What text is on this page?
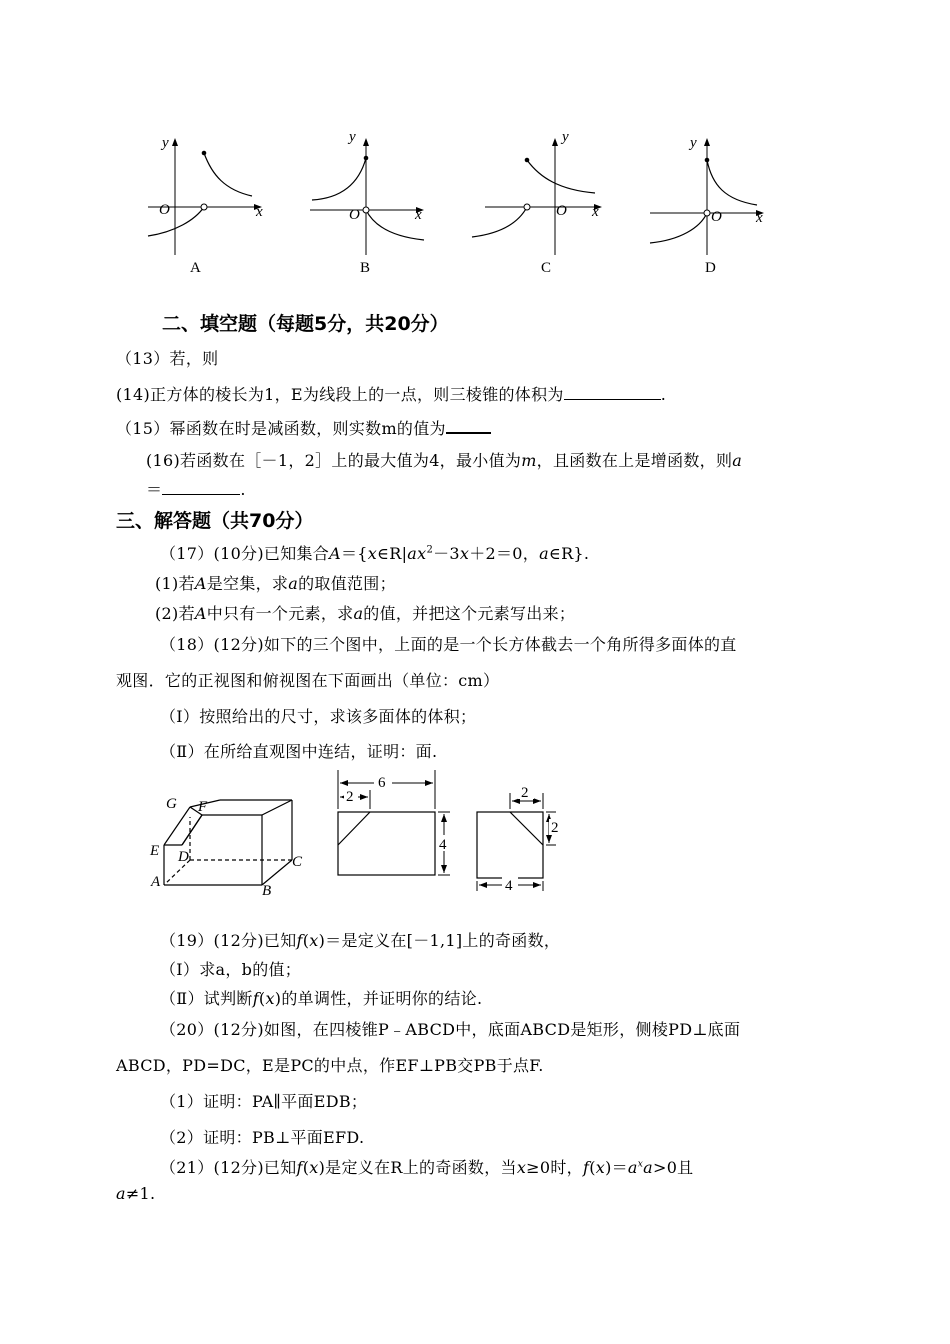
y
x
O
y
x
O
y
x
O
y
x
O
A	B	C	D
二、填空题（每题5分，共20分）
（13）若，则
(14)正方体的棱长为1，E为线段上的一点，则三棱锥的体积为	.
（15）幂函数在时是减函数，则实数m的值为
(16)若函数在［－1，2］上的最大值为4，最小值为m，且函数在上是增函数，则a
＝	.
三、解答题（共70分）
（17）(10分)已知集合$A=\{x\in R|ax^2-3x+2=0$，a∈R}.
(1)若A是空集，求a的取值范围；
(2)若A中只有一个元素，求a的值，并把这个元素写出来；
（18）(12分)如下的三个图中，上面的是一个长方体截去一个角所得多面体的直
观图．它的正视图和俯视图在下面画出（单位：cm）
（Ⅰ）按照给出的尺寸，求该多面体的体积；
（Ⅱ）在所给直观图中连结，证明：面.
G F
E D	C
A
B
6
2
4
2
2
4
（19）(12分)已知f(x)＝是定义在[－1,1]上的奇函数，
（Ⅰ）求a，b的值；
（Ⅱ）试判断f(x)的单调性，并证明你的结论.
（20）(12分)如图，在四棱锥P﹣ABCD中，底面ABCD是矩形，侧棱PD⊥底面
ABCD，PD=DC，E是PC的中点，作EF⊥PB交PB于点F.
（1）证明：PA∥平面EDB；
（2）证明：PB⊥平面EFD.
（21）(12分)已知f(x)是定义在R上的奇函数，当x≥0时，$f(x)=a^xa>0$且
a≠1.
